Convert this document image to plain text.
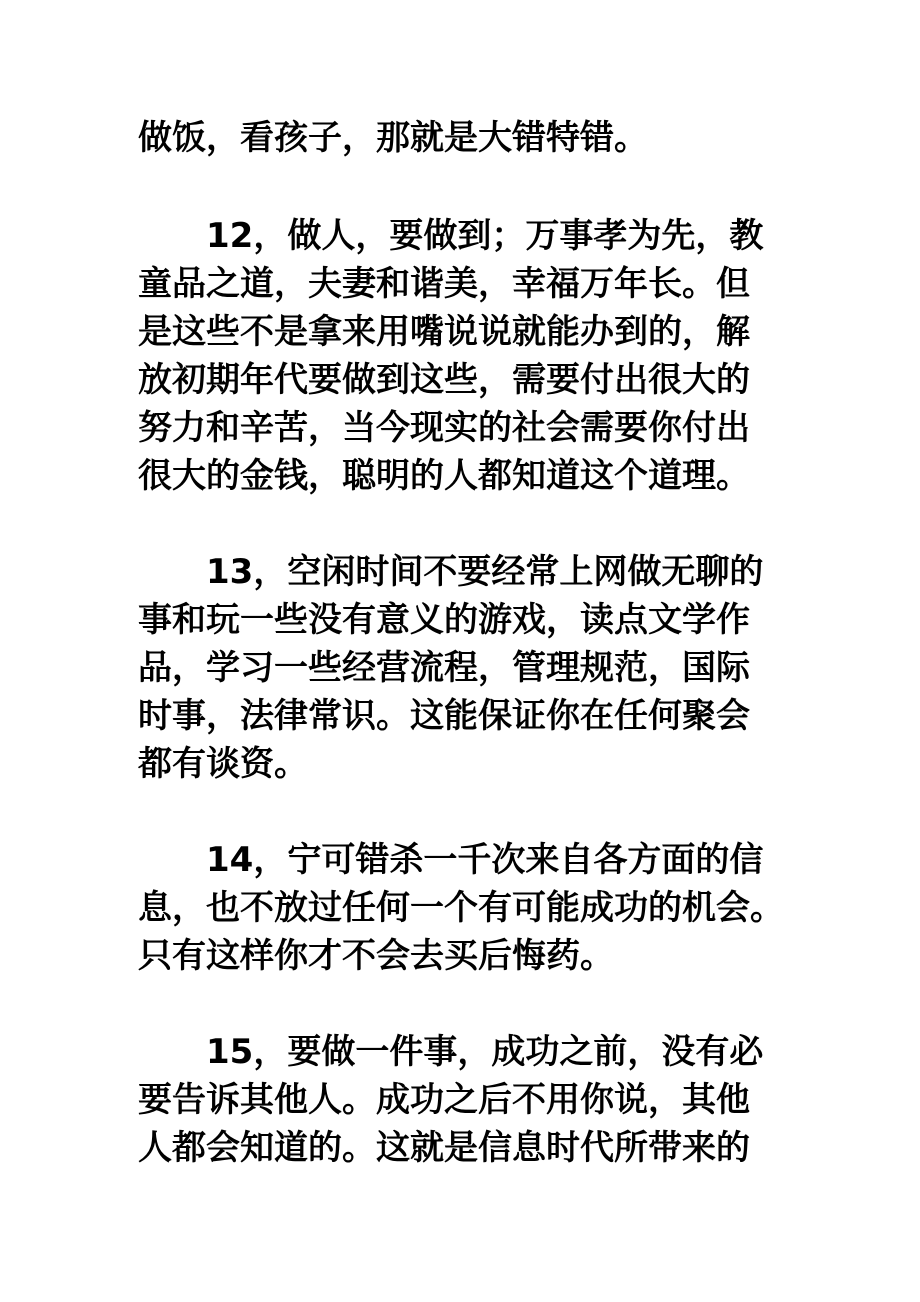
做饭，看孩子，那就是大错特错。
12，做人，要做到；万事孝为先，教
童品之道，夫妻和谐美，幸福万年长。但
是这些不是拿来用嘴说说就能办到的，解
放初期年代要做到这些，需要付出很大的
努力和辛苦，当今现实的社会需要你付出
很大的金钱，聪明的人都知道这个道理。
13，空闲时间不要经常上网做无聊的
事和玩一些没有意义的游戏，读点文学作
品，学习一些经营流程，管理规范，国际
时事，法律常识。这能保证你在任何聚会
都有谈资。
14，宁可错杀一千次来自各方面的信
息，也不放过任何一个有可能成功的机会。
只有这样你才不会去买后悔药。
15，要做一件事，成功之前，没有必
要告诉其他人。成功之后不用你说，其他
人都会知道的。这就是信息时代所带来的
